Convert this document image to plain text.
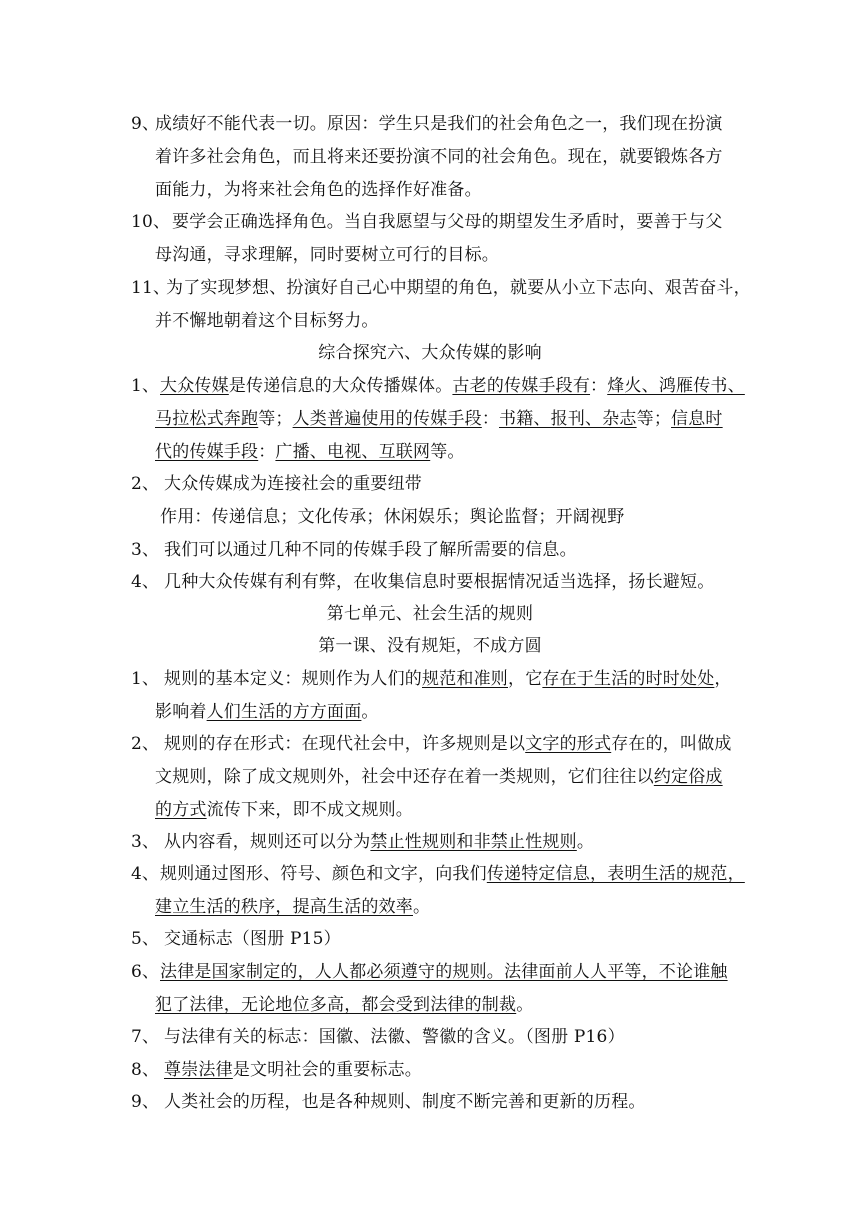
9、
成绩好不能代表一切。原因：学生只是我们的社会角色之一，我们现在扮演
着许多社会角色，而且将来还要扮演不同的社会角色。现在，就要锻炼各方
面能力，为将来社会角色的选择作好准备。
10、 要学会正确选择角色。当自我愿望与父母的期望发生矛盾时，要善于与父
母沟通，寻求理解，同时要树立可行的目标。
11、
为了实现梦想、扮演好自己心中期望的角色，就要从小立下志向、艰苦奋斗，
并不懈地朝着这个目标努力。
综合探究六、大众传媒的影响
1、 大众传媒是传递信息的大众传播媒体。古老的传媒手段有：烽火、鸿雁传书、
马拉松式奔跑等；人类普遍使用的传媒手段：书籍、报刊、杂志等；信息时
代的传媒手段：广播、电视、互联网等。
2、 大众传媒成为连接社会的重要纽带
作用：传递信息；文化传承；休闲娱乐；舆论监督；开阔视野
3、 我们可以通过几种不同的传媒手段了解所需要的信息。
4、 几种大众传媒有利有弊，在收集信息时要根据情况适当选择，扬长避短。
第七单元、社会生活的规则
第一课、没有规矩，不成方圆
1、 规则的基本定义：规则作为人们的规范和准则，它存在于生活的时时处处，
影响着人们生活的方方面面。
2、 规则的存在形式：在现代社会中，许多规则是以文字的形式存在的，叫做成
文规则，除了成文规则外，社会中还存在着一类规则，它们往往以约定俗成
的方式流传下来，即不成文规则。
3、 从内容看，规则还可以分为禁止性规则和非禁止性规则。
4、 规则通过图形、符号、颜色和文字，向我们传递特定信息，表明生活的规范，
建立生活的秩序，提高生活的效率。
5、 交通标志（图册 P15）
6、 法律是国家制定的，人人都必须遵守的规则。法律面前人人平等，不论谁触
犯了法律，无论地位多高，都会受到法律的制裁。
7、 与法律有关的标志：国徽、法徽、警徽的含义。（图册 P16）
8、 尊崇法律是文明社会的重要标志。
9、 人类社会的历程，也是各种规则、制度不断完善和更新的历程。
